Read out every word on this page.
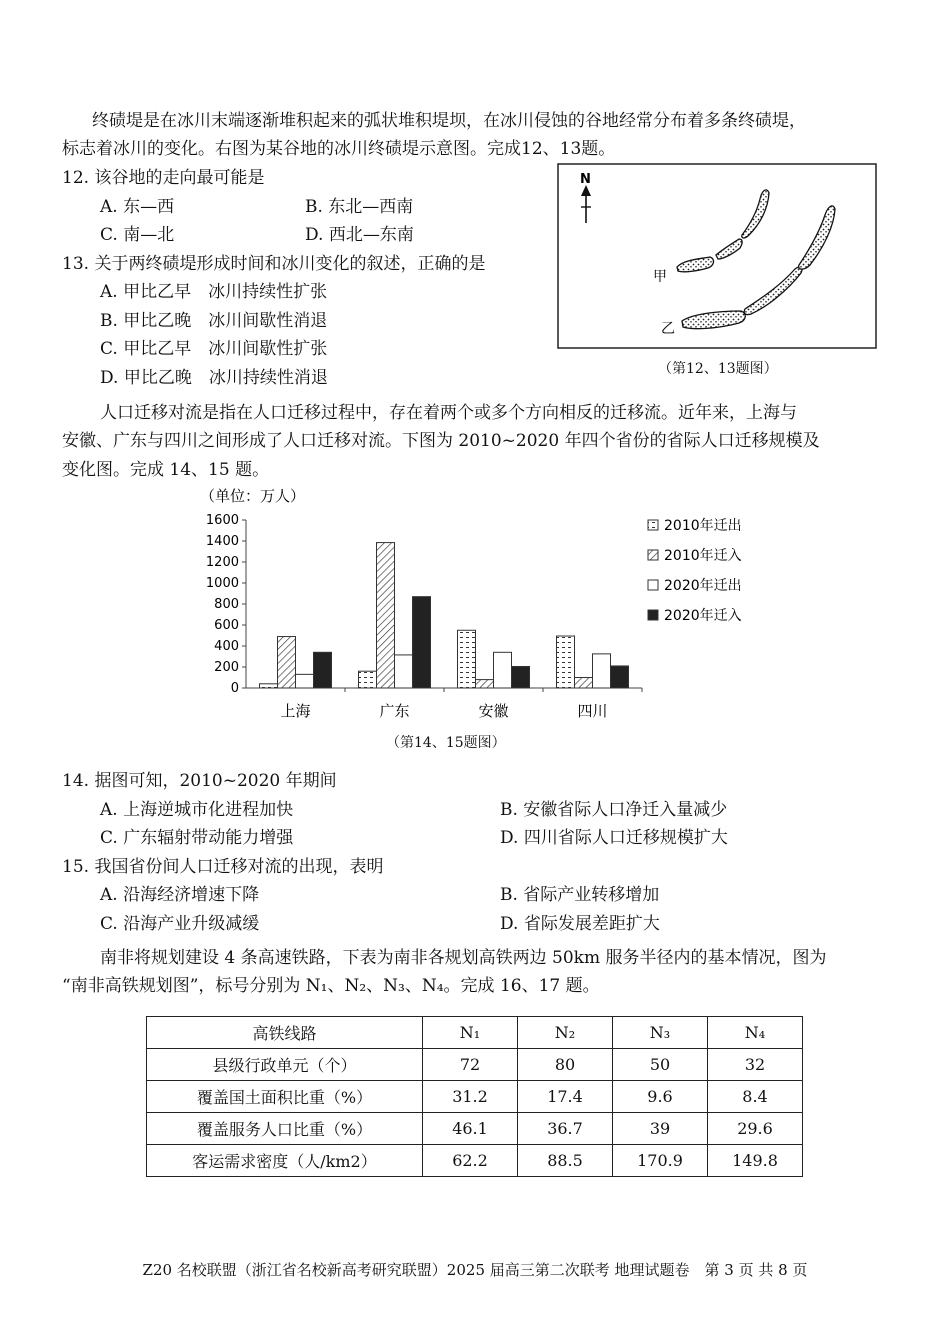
终碛堤是在冰川末端逐渐堆积起来的弧状堆积堤坝，在冰川侵蚀的谷地经常分布着多条终碛堤，
标志着冰川的变化。右图为某谷地的冰川终碛堤示意图。完成12、13题。
12. 该谷地的走向最可能是
A. 东—西	B. 东北—西南
C. 南—北	D. 西北—东南
13. 关于两终碛堤形成时间和冰川变化的叙述，正确的是
A. 甲比乙早　冰川持续性扩张
B. 甲比乙晚　冰川间歇性消退
C. 甲比乙早　冰川间歇性扩张
D. 甲比乙晚　冰川持续性消退
N
甲
乙
（第12、13题图）
人口迁移对流是指在人口迁移过程中，存在着两个或多个方向相反的迁移流。近年来，上海与
安徽、广东与四川之间形成了人口迁移对流。下图为 2010~2020 年四个省份的省际人口迁移规模及
变化图。完成 14、15 题。
（单位：万人）
0
200
400
600
800
1000
1200
1400
1600
上海	广东	安徽	四川
2010年迁出
2010年迁入
2020年迁出
2020年迁入
（第14、15题图）
14. 据图可知，2010~2020 年期间
A. 上海逆城市化进程加快	B. 安徽省际人口净迁入量减少
C. 广东辐射带动能力增强	D. 四川省际人口迁移规模扩大
15. 我国省份间人口迁移对流的出现，表明
A. 沿海经济增速下降	B. 省际产业转移增加
C. 沿海产业升级减缓	D. 省际发展差距扩大
南非将规划建设 4 条高速铁路，下表为南非各规划高铁两边 50km 服务半径内的基本情况，图为
“南非高铁规划图”，标号分别为 N₁、N₂、N₃、N₄。完成 16、17 题。
高铁线路	N₁	N₂	N₃	N₄
县级行政单元（个）	72	80	50	32
覆盖国土面积比重（%）	31.2	17.4	9.6	8.4
覆盖服务人口比重（%）	46.1	36.7	39	29.6
客运需求密度（人/km2）	62.2	88.5	170.9	149.8
Z20 名校联盟（浙江省名校新高考研究联盟）2025 届高三第二次联考 地理试题卷　第 3 页 共 8 页
